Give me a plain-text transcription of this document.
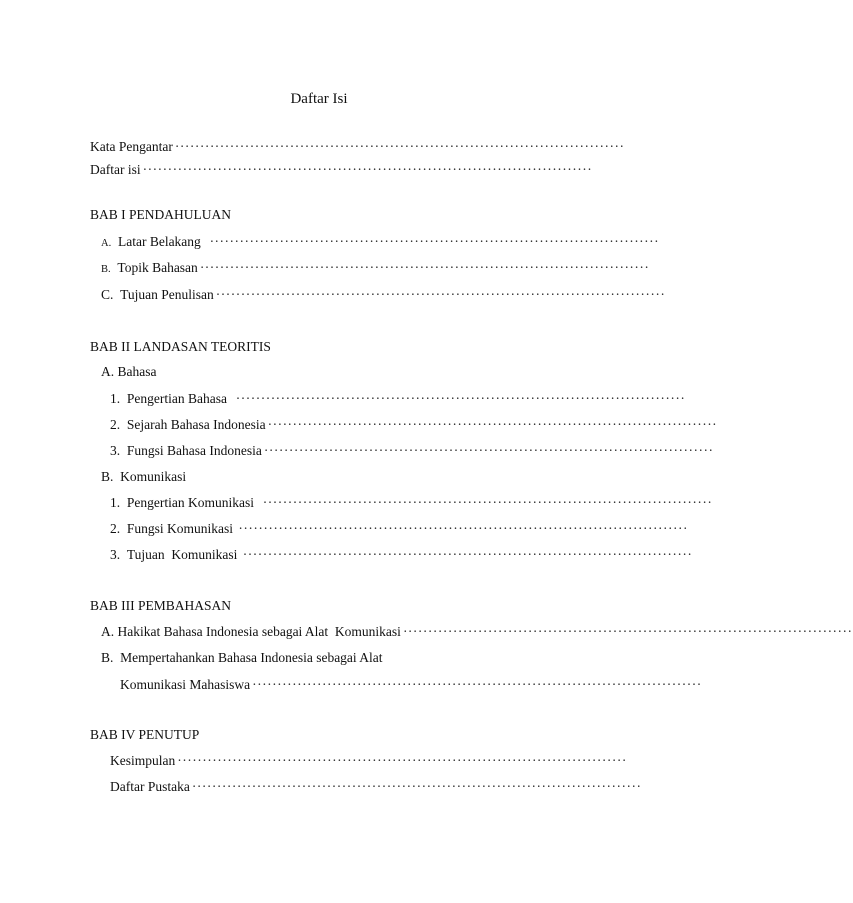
Daftar Isi
Kata Pengantar ··························································································
Daftar isi ··························································································
BAB I PENDAHULUAN
A. Latar Belakang ··························································································
B. Topik Bahasan ··························································································
C. Tujuan Penulisan ··························································································
BAB II LANDASAN TEORITIS
A. Bahasa
1. Pengertian Bahasa ··························································································
2. Sejarah Bahasa Indonesia ··························································································
3. Fungsi Bahasa Indonesia ··························································································
B. Komunikasi
1. Pengertian Komunikasi ··························································································
2. Fungsi Komunikasi ··························································································
3. Tujuan  Komunikasi ··························································································
BAB III PEMBAHASAN
A. Hakikat Bahasa Indonesia sebagai Alat  Komunikasi ··························································································
B. Mempertahankan Bahasa Indonesia sebagai Alat
Komunikasi Mahasiswa ··························································································
BAB IV PENUTUP
Kesimpulan ··························································································
Daftar Pustaka ··························································································
